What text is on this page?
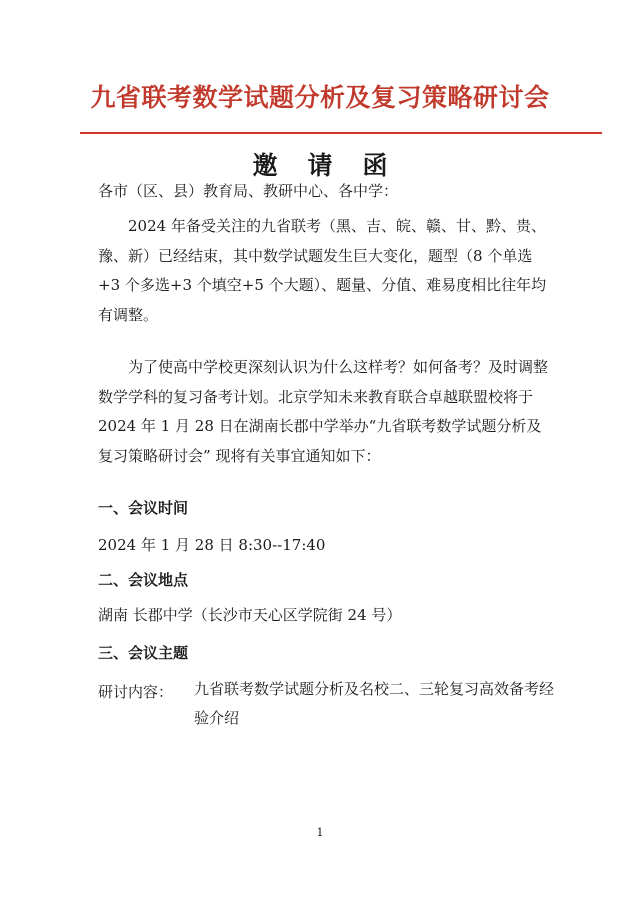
九省联考数学试题分析及复习策略研讨会
邀请函
各市（区、县）教育局、教研中心、各中学：
2024 年备受关注的九省联考（黑、吉、皖、赣、甘、黔、贵、豫、新）已经结束，其中数学试题发生巨大变化，题型（8 个单选+3 个多选+3 个填空+5 个大题）、题量、分值、难易度相比往年均有调整。
为了使高中学校更深刻认识为什么这样考？如何备考？及时调整数学学科的复习备考计划。北京学知未来教育联合卓越联盟校将于 2024 年 1 月 28 日在湖南长郡中学举办“九省联考数学试题分析及复习策略研讨会” 现将有关事宜通知如下：
一、会议时间
2024 年 1 月 28 日 8:30--17:40
二、会议地点
湖南 长郡中学（长沙市天心区学院街 24 号）
三、会议主题
研讨内容： 九省联考数学试题分析及名校二、三轮复习高效备考经验介绍
1
